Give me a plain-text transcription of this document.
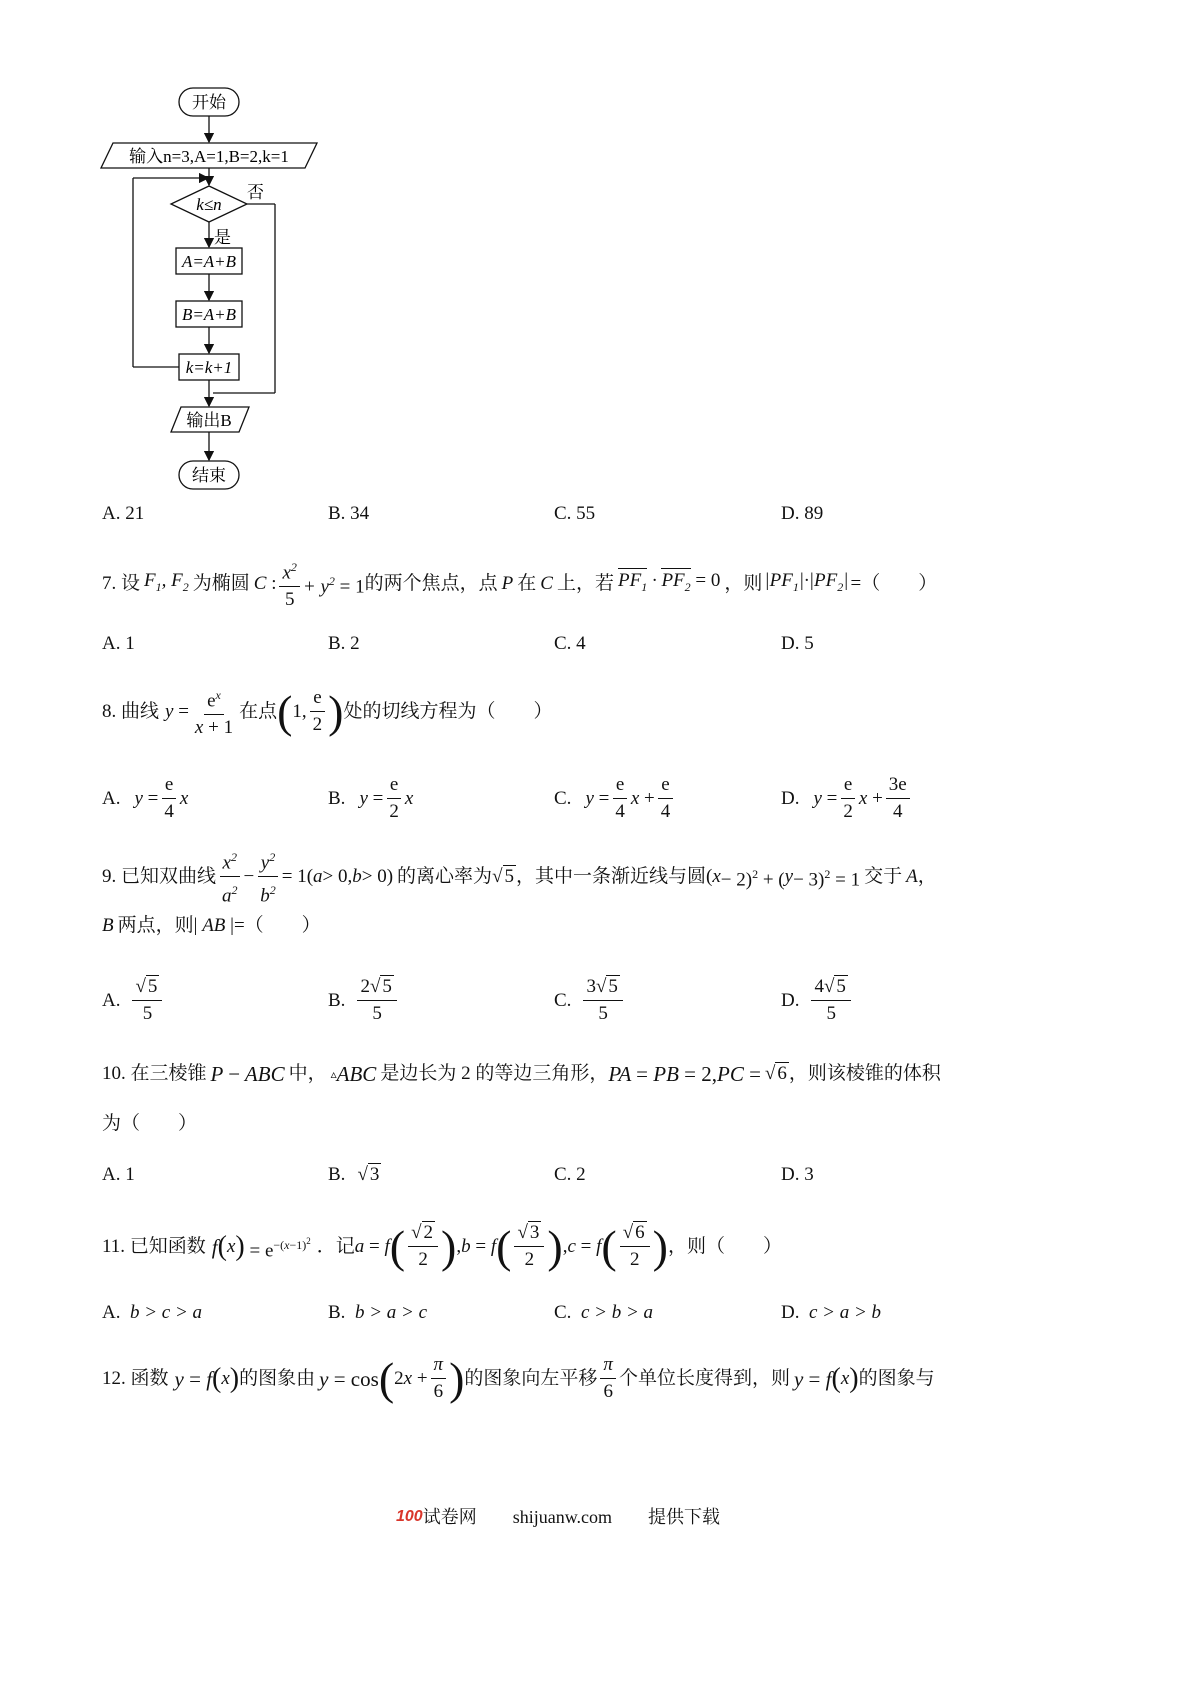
开始
输入n=3,A=1,B=2,k=1
k≤n
否
是
A=A+B
B=A+B
k=k+1
输出B
结束
A. 21	B. 34	C. 55	D. 89
7. 设 $F_1$, $F_2$ 为椭圆 C : $\frac{x^2}{5} + y^2 = 1$ 的两个焦点，点 P 在 C 上，若 $PF_1 \cdot PF_2 = 0$ ，则 $|PF_1|\cdot|PF_2|$ =（　　）
A. 1	B. 2	C. 4	D. 5
8. 曲线 $y = \frac{e^x}{x + 1}$ 在点 ( 1, $\frac{e}{2}$ ) 处的切线方程为（　　）
A. $y = \frac{e}{4}$ x	B. $y = \frac{e}{2}$ x	C. $y = \frac{e}{4}$ $x + \frac{e}{4}$	D. $y = \frac{e}{2}$ $x + \frac{3e}{4}$
9. 已知双曲线 $\frac{x^2}{a^2} - \frac{y^2}{b^2} = 1$( a > 0, b > 0) 的离心率为 √ 5 ，其中一条渐近线与圆 ( x − 2)$^2$ + ( y − 3)$^2$ = 1 交于 A ，
B 两点，则 | AB | =（　　）
A. $\frac{√ 5}{5}$	B. $\frac{2√ 5}{5}$	C. $\frac{3√ 5}{5}$	D. $\frac{4√ 5}{5}$
10. 在三棱锥 P − ABC 中， ▵ ABC 是边长为 2 的等边三角形， PA = PB = 2,PC = √ 6 ，则该棱锥的体积
为（　　）
A. 1	B. √ 3	C. 2	D. 3
11. 已知函数 f ( x ) = $e^{-(x-1)^2}$ ．记 a = f ( $\frac{√ 2}{2}$ ) , b = f ( $\frac{√ 3}{2}$ ) , c = f ( $\frac{√ 6}{2}$ ) ，则（　　）
A. b > c > a	B. b > a > c	C. c > b > a	D. c > a > b
12. 函数 y = f ( x ) 的图象由 y = cos ( 2 $x + \frac{\pi}{6}$ ) 的图象向左平移 $\frac{\pi}{6}$ 个单位长度得到，则 y = f ( x ) 的图象与
100 试卷网 shijuanw.com 提供下载
